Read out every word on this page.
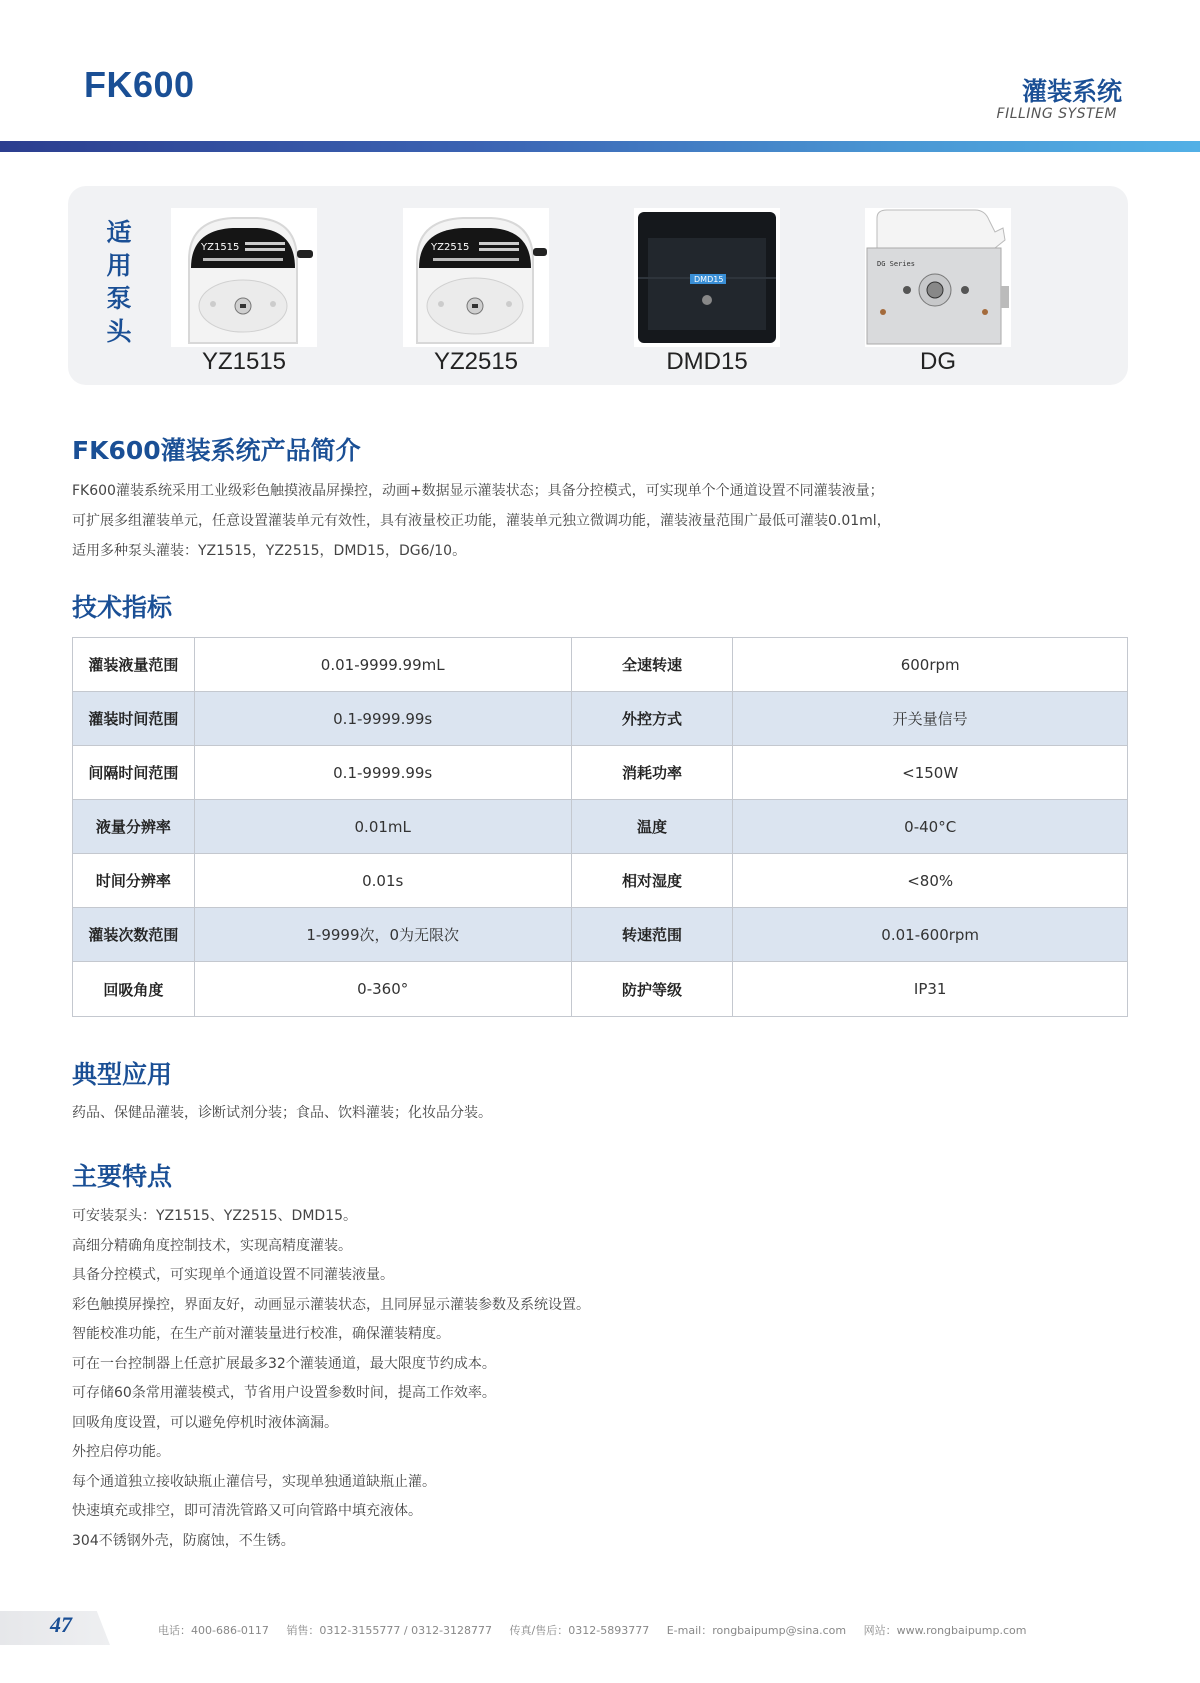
FK600	灌装系统
FILLING SYSTEM
适
用
泵
头
YZ1515
YZ1515
YZ2515
YZ2515
DMD15
DMD15
DG Series
DG
FK600灌装系统产品简介
FK600灌装系统采用工业级彩色触摸液晶屏操控，动画+数据显示灌装状态；具备分控模式，可实现单个个通道设置不同灌装液量；
可扩展多组灌装单元，任意设置灌装单元有效性，具有液量校正功能，灌装单元独立微调功能，灌装液量范围广最低可灌装0.01ml，
适用多种泵头灌装：YZ1515，YZ2515，DMD15，DG6/10。
技术指标
灌装液量范围	0.01-9999.99mL	全速转速	600rpm
灌装时间范围	0.1-9999.99s	外控方式	开关量信号
间隔时间范围	0.1-9999.99s	消耗功率	<150W
液量分辨率	0.01mL	温度	0-40°C
时间分辨率	0.01s	相对湿度	<80%
灌装次数范围	1-9999次，0为无限次	转速范围	0.01-600rpm
回吸角度	0-360°	防护等级	IP31
典型应用
药品、保健品灌装，诊断试剂分装；食品、饮料灌装；化妆品分装。
主要特点
可安装泵头：YZ1515、YZ2515、DMD15。
高细分精确角度控制技术，实现高精度灌装。
具备分控模式，可实现单个通道设置不同灌装液量。
彩色触摸屏操控，界面友好，动画显示灌装状态，且同屏显示灌装参数及系统设置。
智能校准功能，在生产前对灌装量进行校准，确保灌装精度。
可在一台控制器上任意扩展最多32个灌装通道，最大限度节约成本。
可存储60条常用灌装模式，节省用户设置参数时间，提高工作效率。
回吸角度设置，可以避免停机时液体滴漏。
外控启停功能。
每个通道独立接收缺瓶止灌信号，实现单独通道缺瓶止灌。
快速填充或排空，即可清洗管路又可向管路中填充液体。
304不锈钢外壳，防腐蚀，不生锈。
47	电话：400-686-0117 销售：0312-3155777 / 0312-3128777 传真/售后：0312-5893777 E-mail：rongbaipump@sina.com 网站：www.rongbaipump.com
